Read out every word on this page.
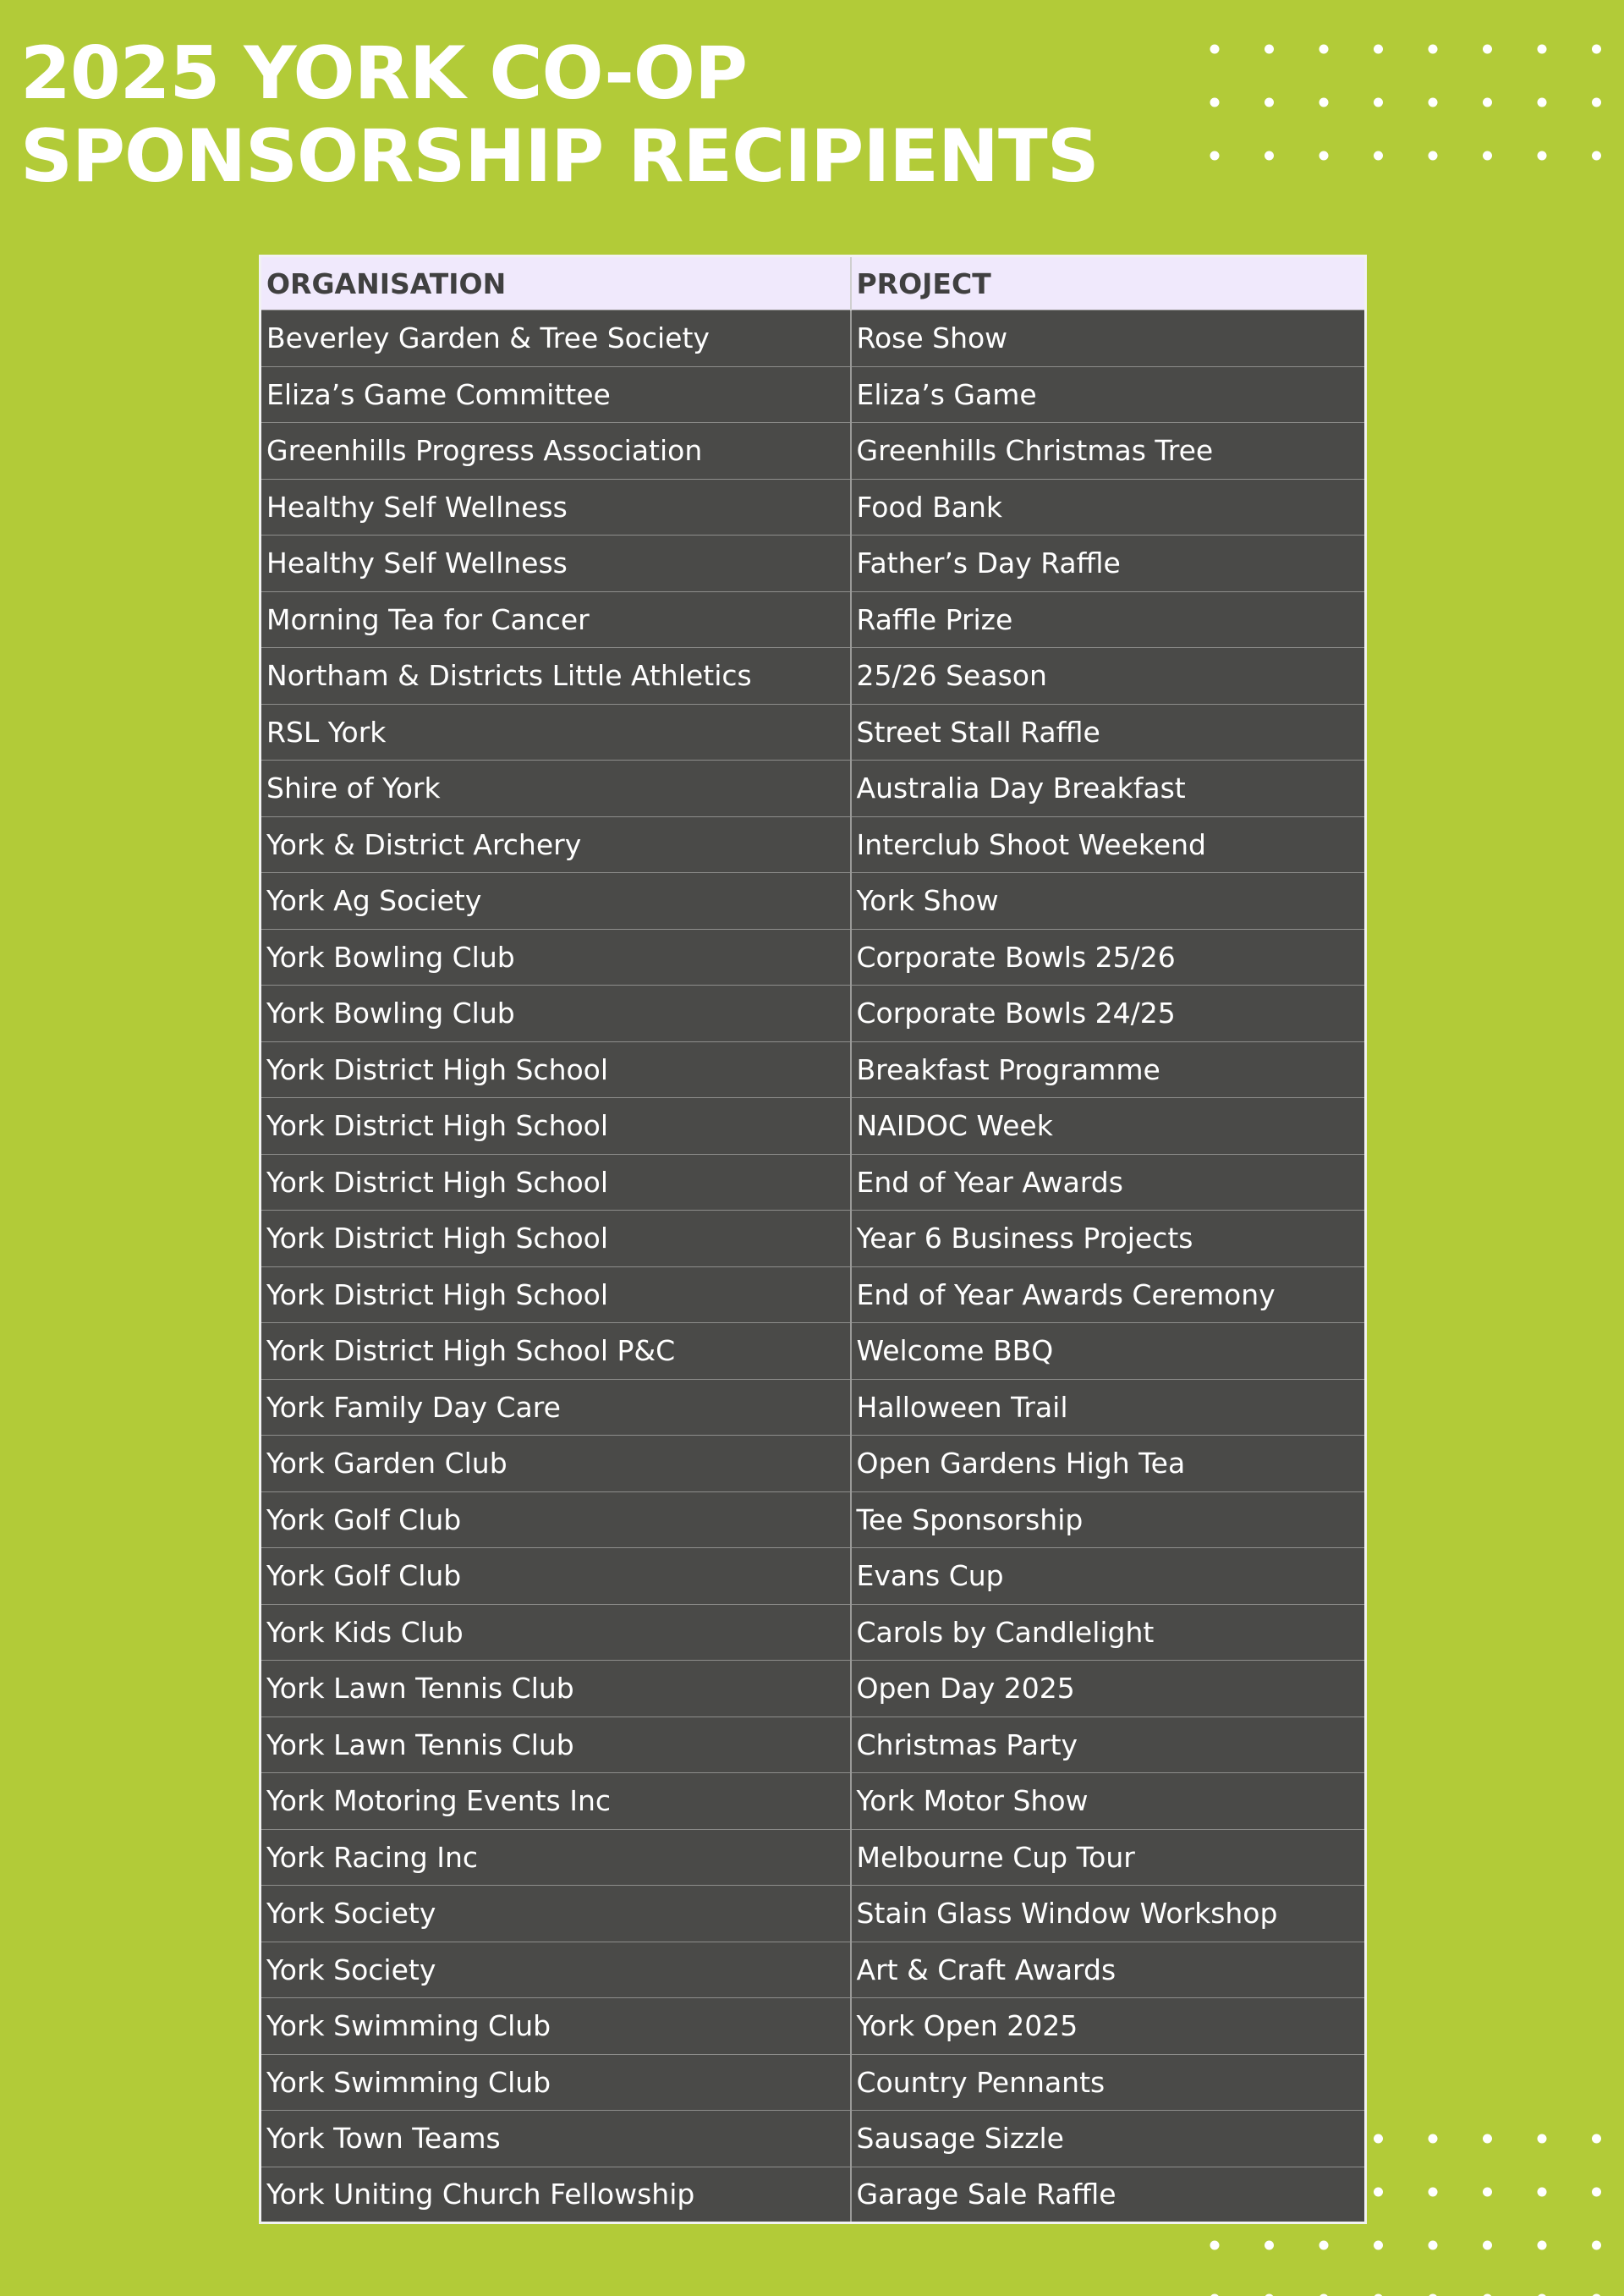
2025 YORK CO-OP
SPONSORSHIP RECIPIENTS
ORGANISATION	PROJECT
Beverley Garden & Tree Society	Rose Show
Eliza’s Game Committee	Eliza’s Game
Greenhills Progress Association	Greenhills Christmas Tree
Healthy Self Wellness	Food Bank
Healthy Self Wellness	Father’s Day Raffle
Morning Tea for Cancer	Raffle Prize
Northam & Districts Little Athletics	25/26 Season
RSL York	Street Stall Raffle
Shire of York	Australia Day Breakfast
York & District Archery	Interclub Shoot Weekend
York Ag Society	York Show
York Bowling Club	Corporate Bowls 25/26
York Bowling Club	Corporate Bowls 24/25
York District High School	Breakfast Programme
York District High School	NAIDOC Week
York District High School	End of Year Awards
York District High School	Year 6 Business Projects
York District High School	End of Year Awards Ceremony
York District High School P&C	Welcome BBQ
York Family Day Care	Halloween Trail
York Garden Club	Open Gardens High Tea
York Golf Club	Tee Sponsorship
York Golf Club	Evans Cup
York Kids Club	Carols by Candlelight
York Lawn Tennis Club	Open Day 2025
York Lawn Tennis Club	Christmas Party
York Motoring Events Inc	York Motor Show
York Racing Inc	Melbourne Cup Tour
York Society	Stain Glass Window Workshop
York Society	Art & Craft Awards
York Swimming Club	York Open 2025
York Swimming Club	Country Pennants
York Town Teams	Sausage Sizzle
York Uniting Church Fellowship	Garage Sale Raffle
